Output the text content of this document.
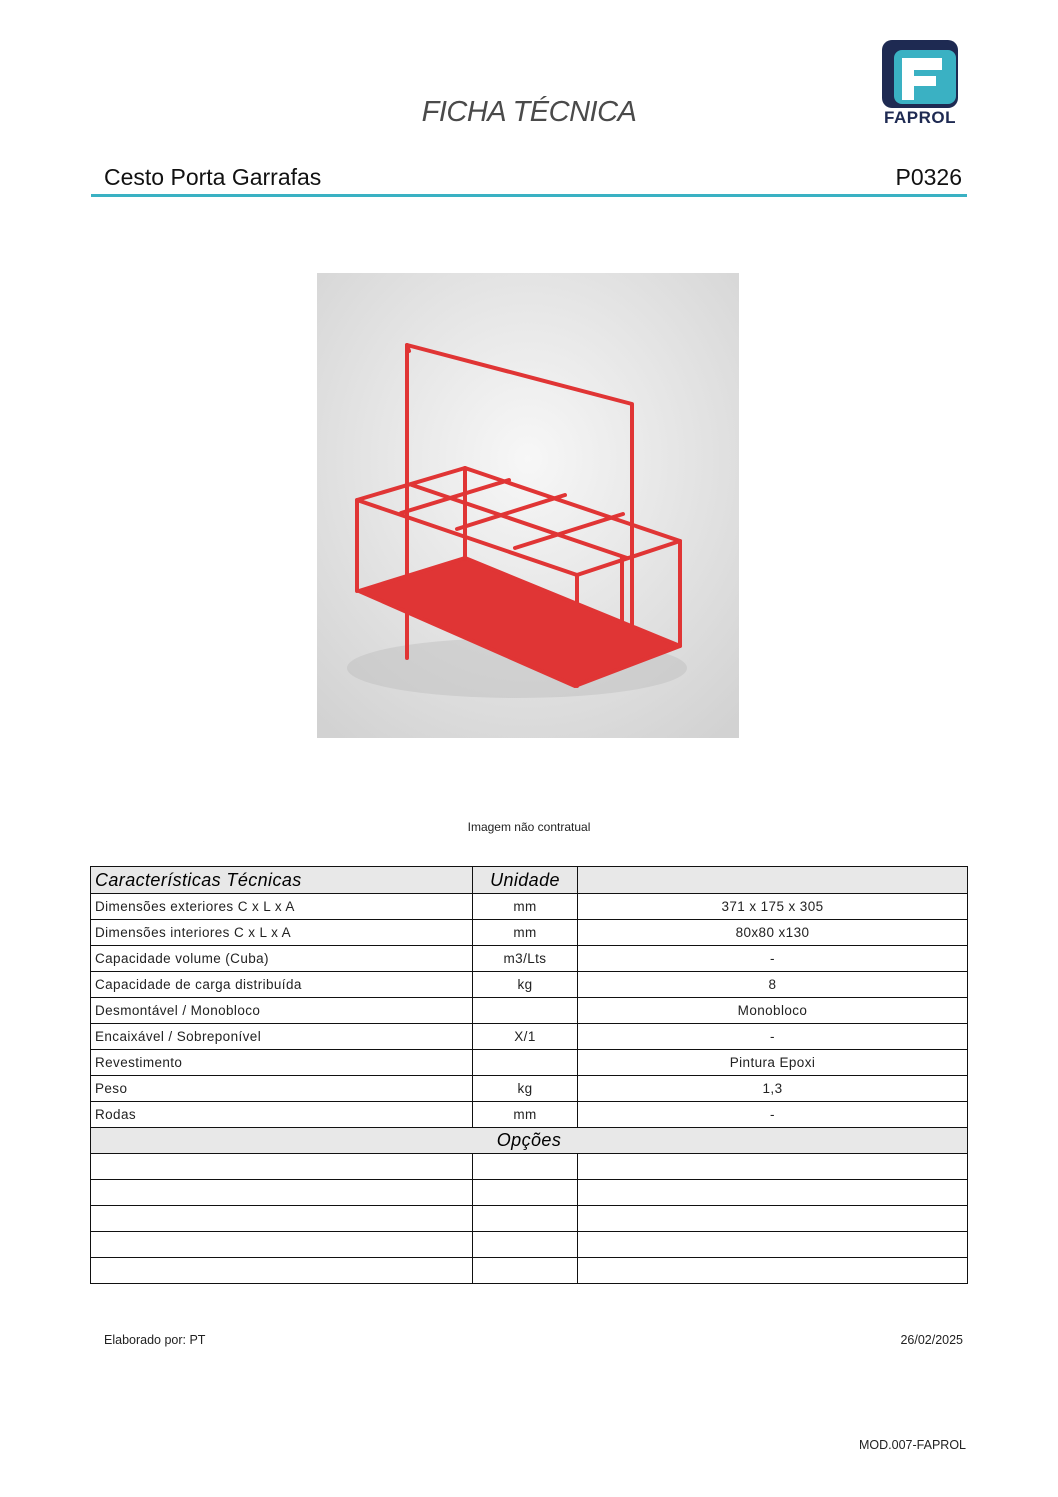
FICHA TÉCNICA	FAPROL
Cesto Porta Garrafas	P0326
Imagem não contratual
Características Técnicas	Unidade	
Dimensões exteriores C x L x A	mm	371 x 175 x 305
Dimensões interiores C x L x A	mm	80x80 x130
Capacidade volume (Cuba)	m3/Lts	-
Capacidade de carga distribuída	kg	8
Desmontável / Monobloco		Monobloco
Encaixável / Sobreponível	X/1	-
Revestimento		Pintura Epoxi
Peso	kg	1,3
Rodas	mm	-
Opções		

Elaborado por: PT	26/02/2025
MOD.007-FAPROL
